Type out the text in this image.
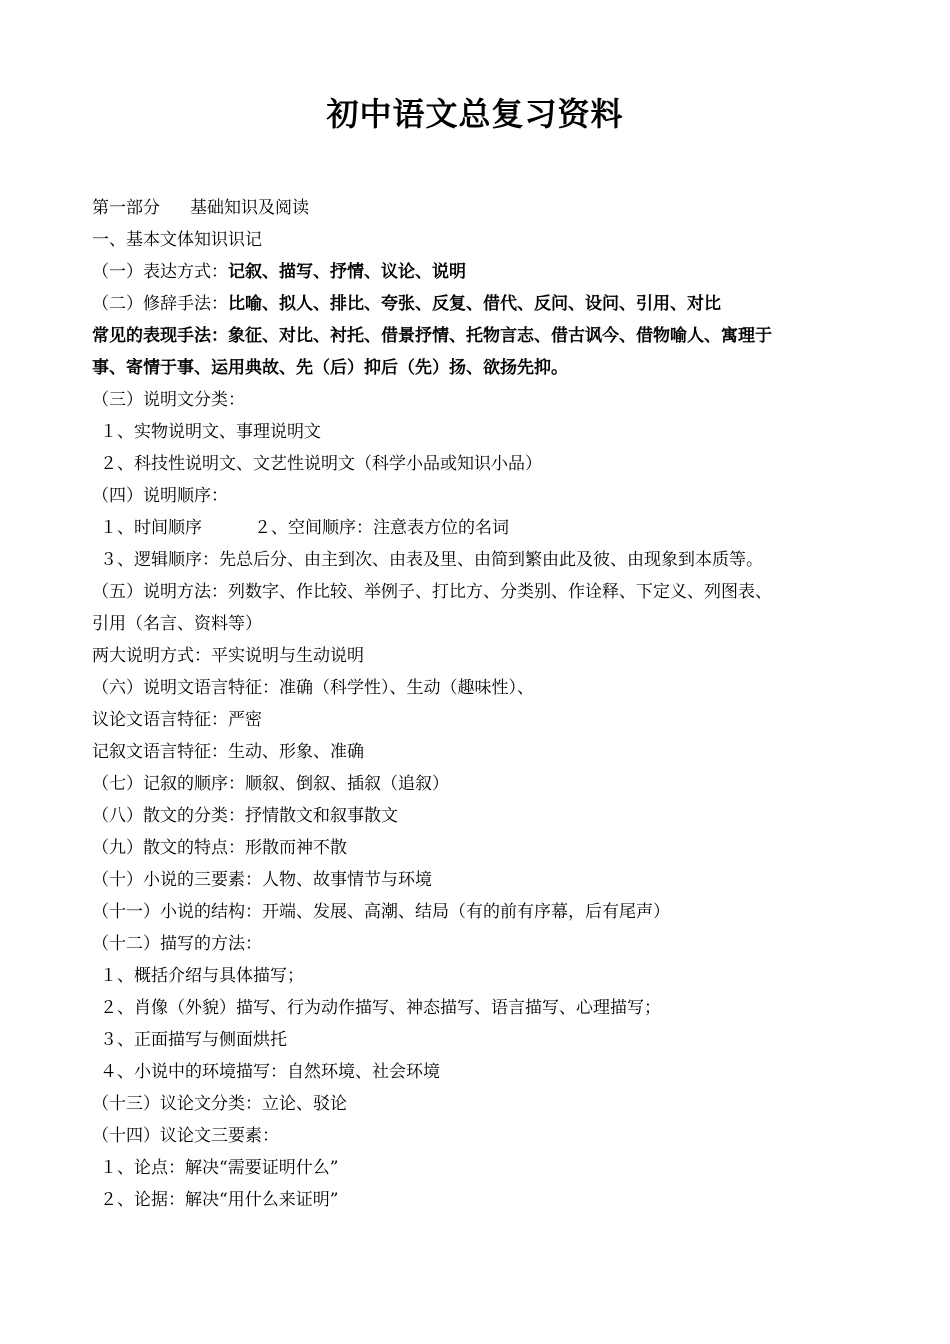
初中语文总复习资料
第一部分 基础知识及阅读
一、基本文体知识识记
（一）表达方式：记叙、描写、抒情、议论、说明
（二）修辞手法：比喻、拟人、排比、夸张、反复、借代、反问、设问、引用、对比
常见的表现手法：象征、对比、衬托、借景抒情、托物言志、借古讽今、借物喻人、寓理于
事、寄情于事、运用典故、先（后）抑后（先）扬、欲扬先抑。
（三）说明文分类：
１、实物说明文、事理说明文
２、科技性说明文、文艺性说明文（科学小品或知识小品）
（四）说明顺序：
１、时间顺序	２、空间顺序：注意表方位的名词
３、逻辑顺序：先总后分、由主到次、由表及里、由简到繁由此及彼、由现象到本质等。
（五）说明方法：列数字、作比较、举例子、打比方、分类别、作诠释、下定义、列图表、
引用（名言、资料等）
两大说明方式：平实说明与生动说明
（六）说明文语言特征：准确（科学性）、生动（趣味性）、
议论文语言特征：严密
记叙文语言特征：生动、形象、准确
（七）记叙的顺序：顺叙、倒叙、插叙（追叙）
（八）散文的分类：抒情散文和叙事散文
（九）散文的特点：形散而神不散
（十）小说的三要素：人物、故事情节与环境
（十一）小说的结构：开端、发展、高潮、结局（有的前有序幕，后有尾声）
（十二）描写的方法：
１、概括介绍与具体描写；
２、肖像（外貌）描写、行为动作描写、神态描写、语言描写、心理描写；
３、正面描写与侧面烘托
４、小说中的环境描写：自然环境、社会环境
（十三）议论文分类：立论、驳论
（十四）议论文三要素：
１、论点：解决“需要证明什么”
２、论据：解决“用什么来证明”
